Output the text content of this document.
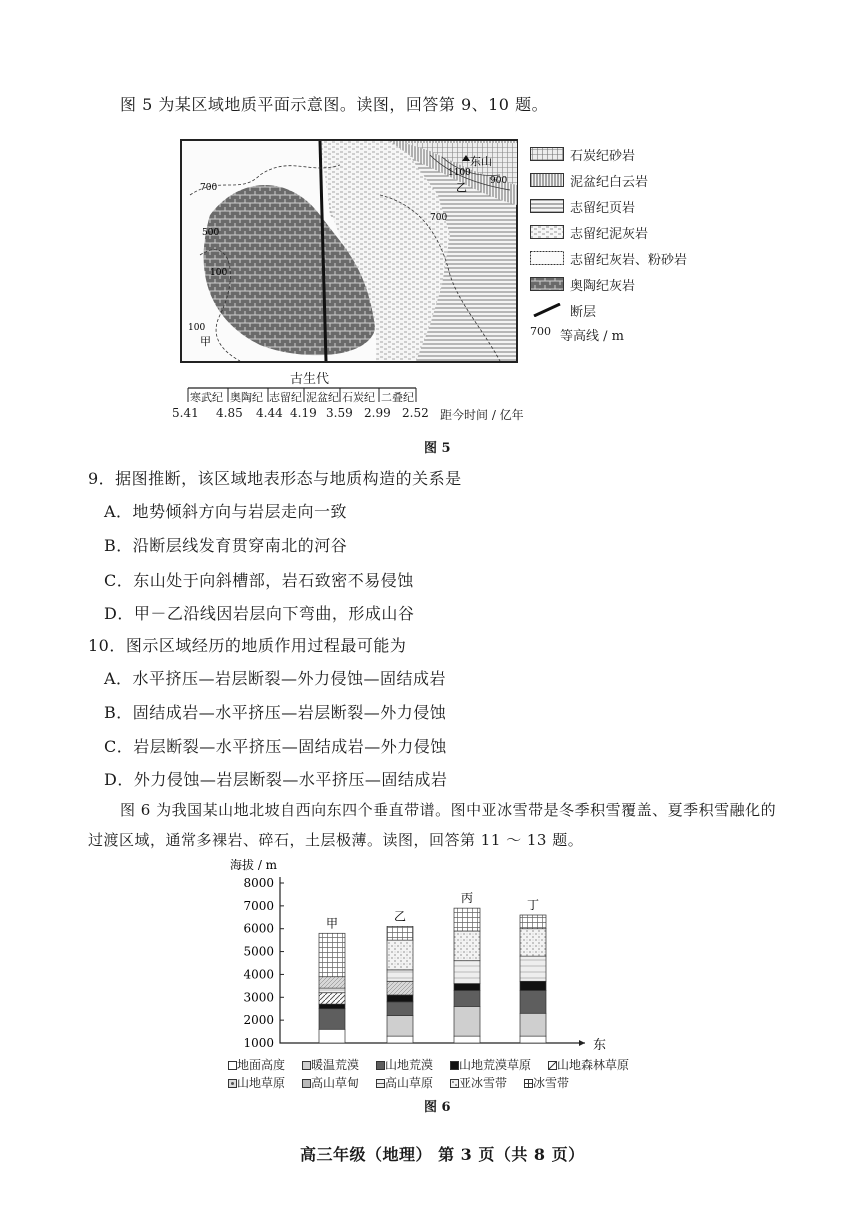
图 5 为某区域地质平面示意图。读图，回答第 9、10 题。
700
700
500
100
100
1100
900
东山
乙
甲
石炭纪砂岩
泥盆纪白云岩
志留纪页岩
志留纪泥灰岩
志留纪灰岩、粉砂岩
奥陶纪灰岩
断层
700 等高线 / m
古生代
寒武纪 奥陶纪 志留纪 泥盆纪 石炭纪 二叠纪
5.41 4.85 4.44 4.19 3.59 2.99 2.52 距今时间 / 亿年
图 5
9．据图推断，该区域地表形态与地质构造的关系是
A．地势倾斜方向与岩层走向一致
B．沿断层线发育贯穿南北的河谷
C．东山处于向斜槽部，岩石致密不易侵蚀
D．甲－乙沿线因岩层向下弯曲，形成山谷
10．图示区域经历的地质作用过程最可能为
A．水平挤压—岩层断裂—外力侵蚀—固结成岩
B．固结成岩—水平挤压—岩层断裂—外力侵蚀
C．岩层断裂—水平挤压—固结成岩—外力侵蚀
D．外力侵蚀—岩层断裂—水平挤压—固结成岩
图 6 为我国某山地北坡自西向东四个垂直带谱。图中亚冰雪带是冬季积雪覆盖、夏季积雪融化的
过渡区域，通常多裸岩、碎石，土层极薄。读图，回答第 11 ～ 13 题。
海拔 / m
东
1000
2000
3000
4000
5000
6000
7000
8000
甲	乙
丙	丁
地面高度	暖温荒漠	山地荒漠	山地荒漠草原	山地森林草原
山地草原	高山草甸	高山草原	亚冰雪带	冰雪带
图 6
高三年级（地理） 第 3 页（共 8 页）
